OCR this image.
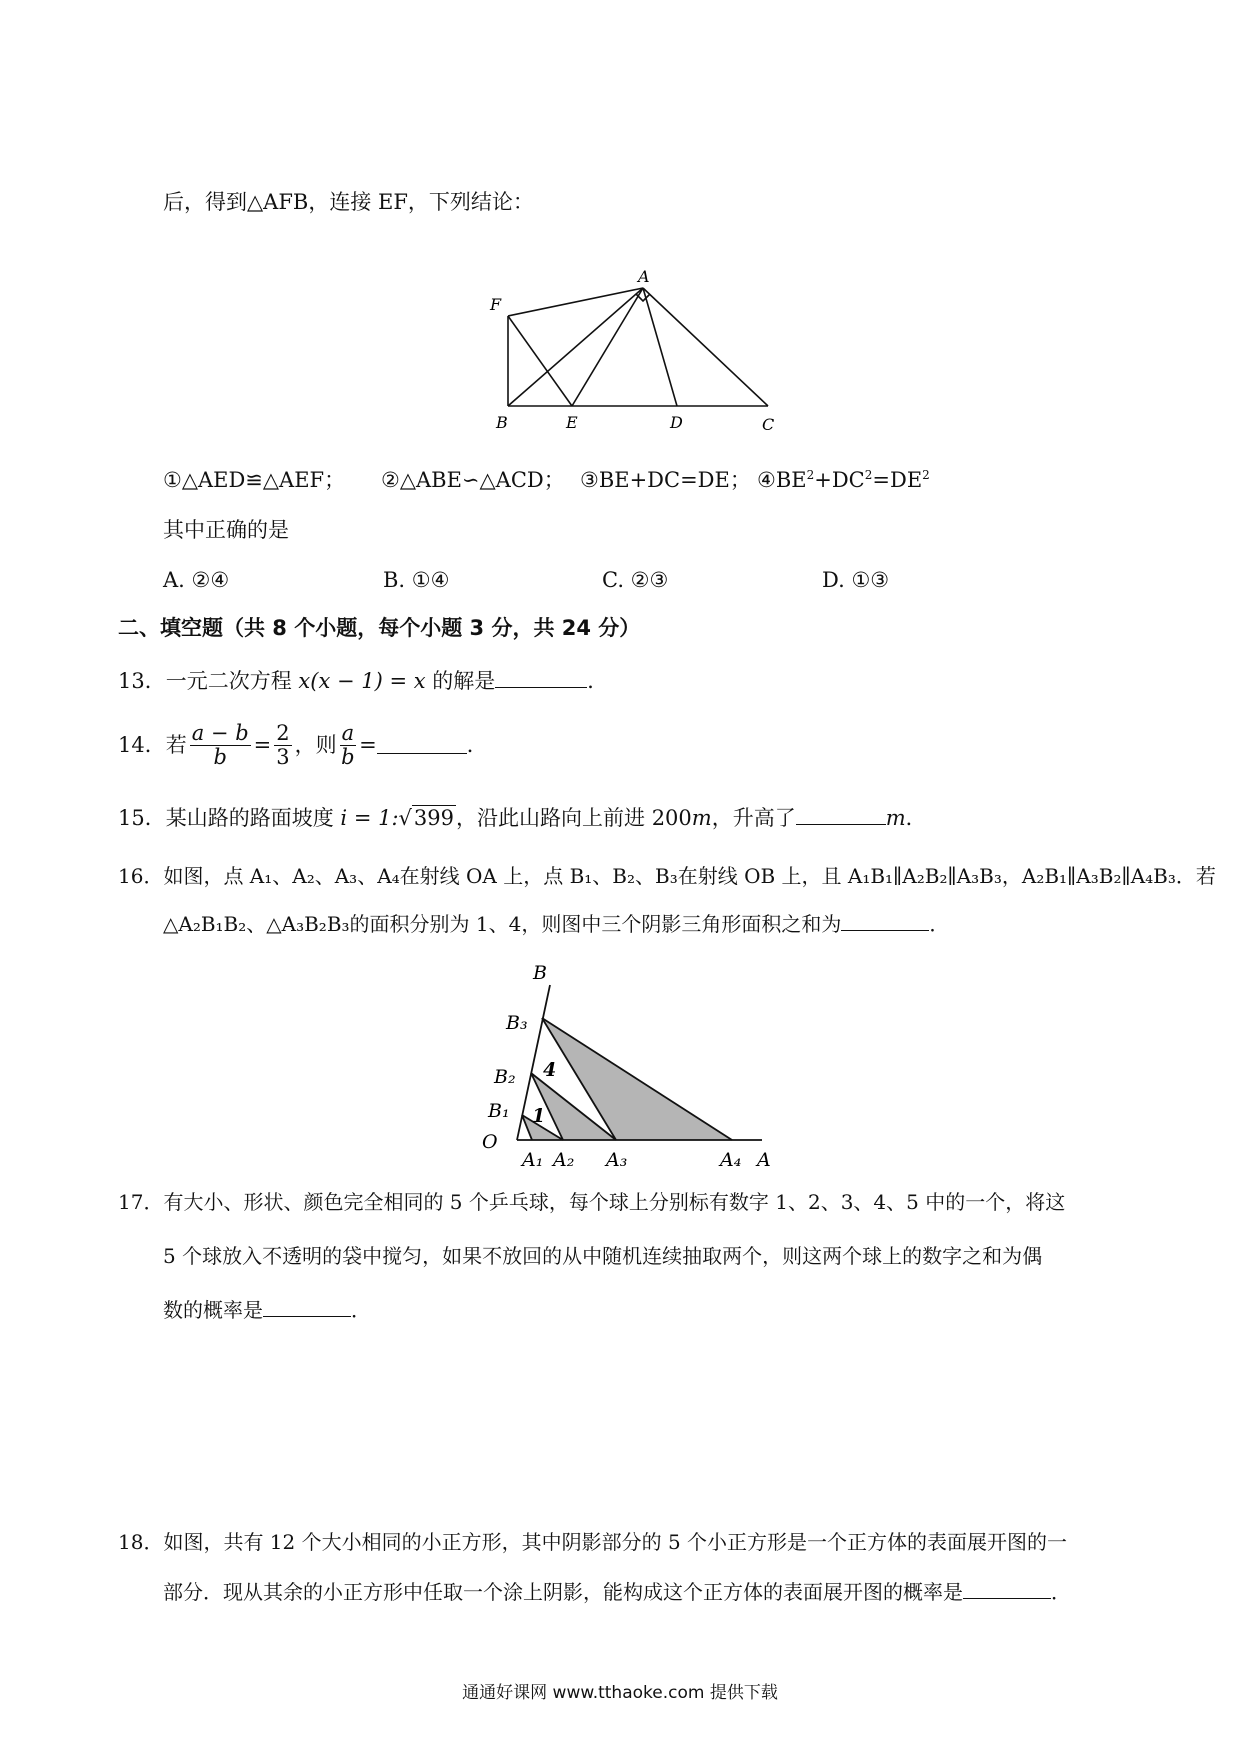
后，得到△AFB，连接 EF，下列结论：
A
F
B	E	D	C
①△AED≌△AEF； ②△ABE∽△ACD； ③BE+DC=DE； $④BE^2+DC^2=DE^2$
其中正确的是
A. ②④	B. ①④	C. ②③	D. ①③
二、填空题（共 8 个小题，每个小题 3 分，共 24 分）
13．一元二次方程 x(x − 1) = x 的解是	．
14． 若 $\frac{a - b}{b} = \frac{2}{3}$ ，则 $\frac{a}{b}$ =	．
15．某山路的路面坡度 i = 1:√399，沿此山路向上前进 200m，升高了	m．
16．如图，点 A₁、A₂、A₃、A₄在射线 OA 上，点 B₁、B₂、B₃在射线 OB 上，且 A₁B₁∥A₂B₂∥A₃B₃，A₂B₁∥A₃B₂∥A₄B₃．若
△A₂B₁B₂、△A₃B₂B₃的面积分别为 1、4，则图中三个阴影三角形面积之和为	．
B
B₃
B₂
B₁
O
A₁ A₂ A₃	A₄ A
1
4
17．有大小、形状、颜色完全相同的 5 个乒乓球，每个球上分别标有数字 1、2、3、4、5 中的一个，将这
5 个球放入不透明的袋中搅匀，如果不放回的从中随机连续抽取两个，则这两个球上的数字之和为偶
数的概率是	．
18．如图，共有 12 个大小相同的小正方形，其中阴影部分的 5 个小正方形是一个正方体的表面展开图的一
部分．现从其余的小正方形中任取一个涂上阴影，能构成这个正方体的表面展开图的概率是	．
通通好课网 www.tthaoke.com 提供下载
